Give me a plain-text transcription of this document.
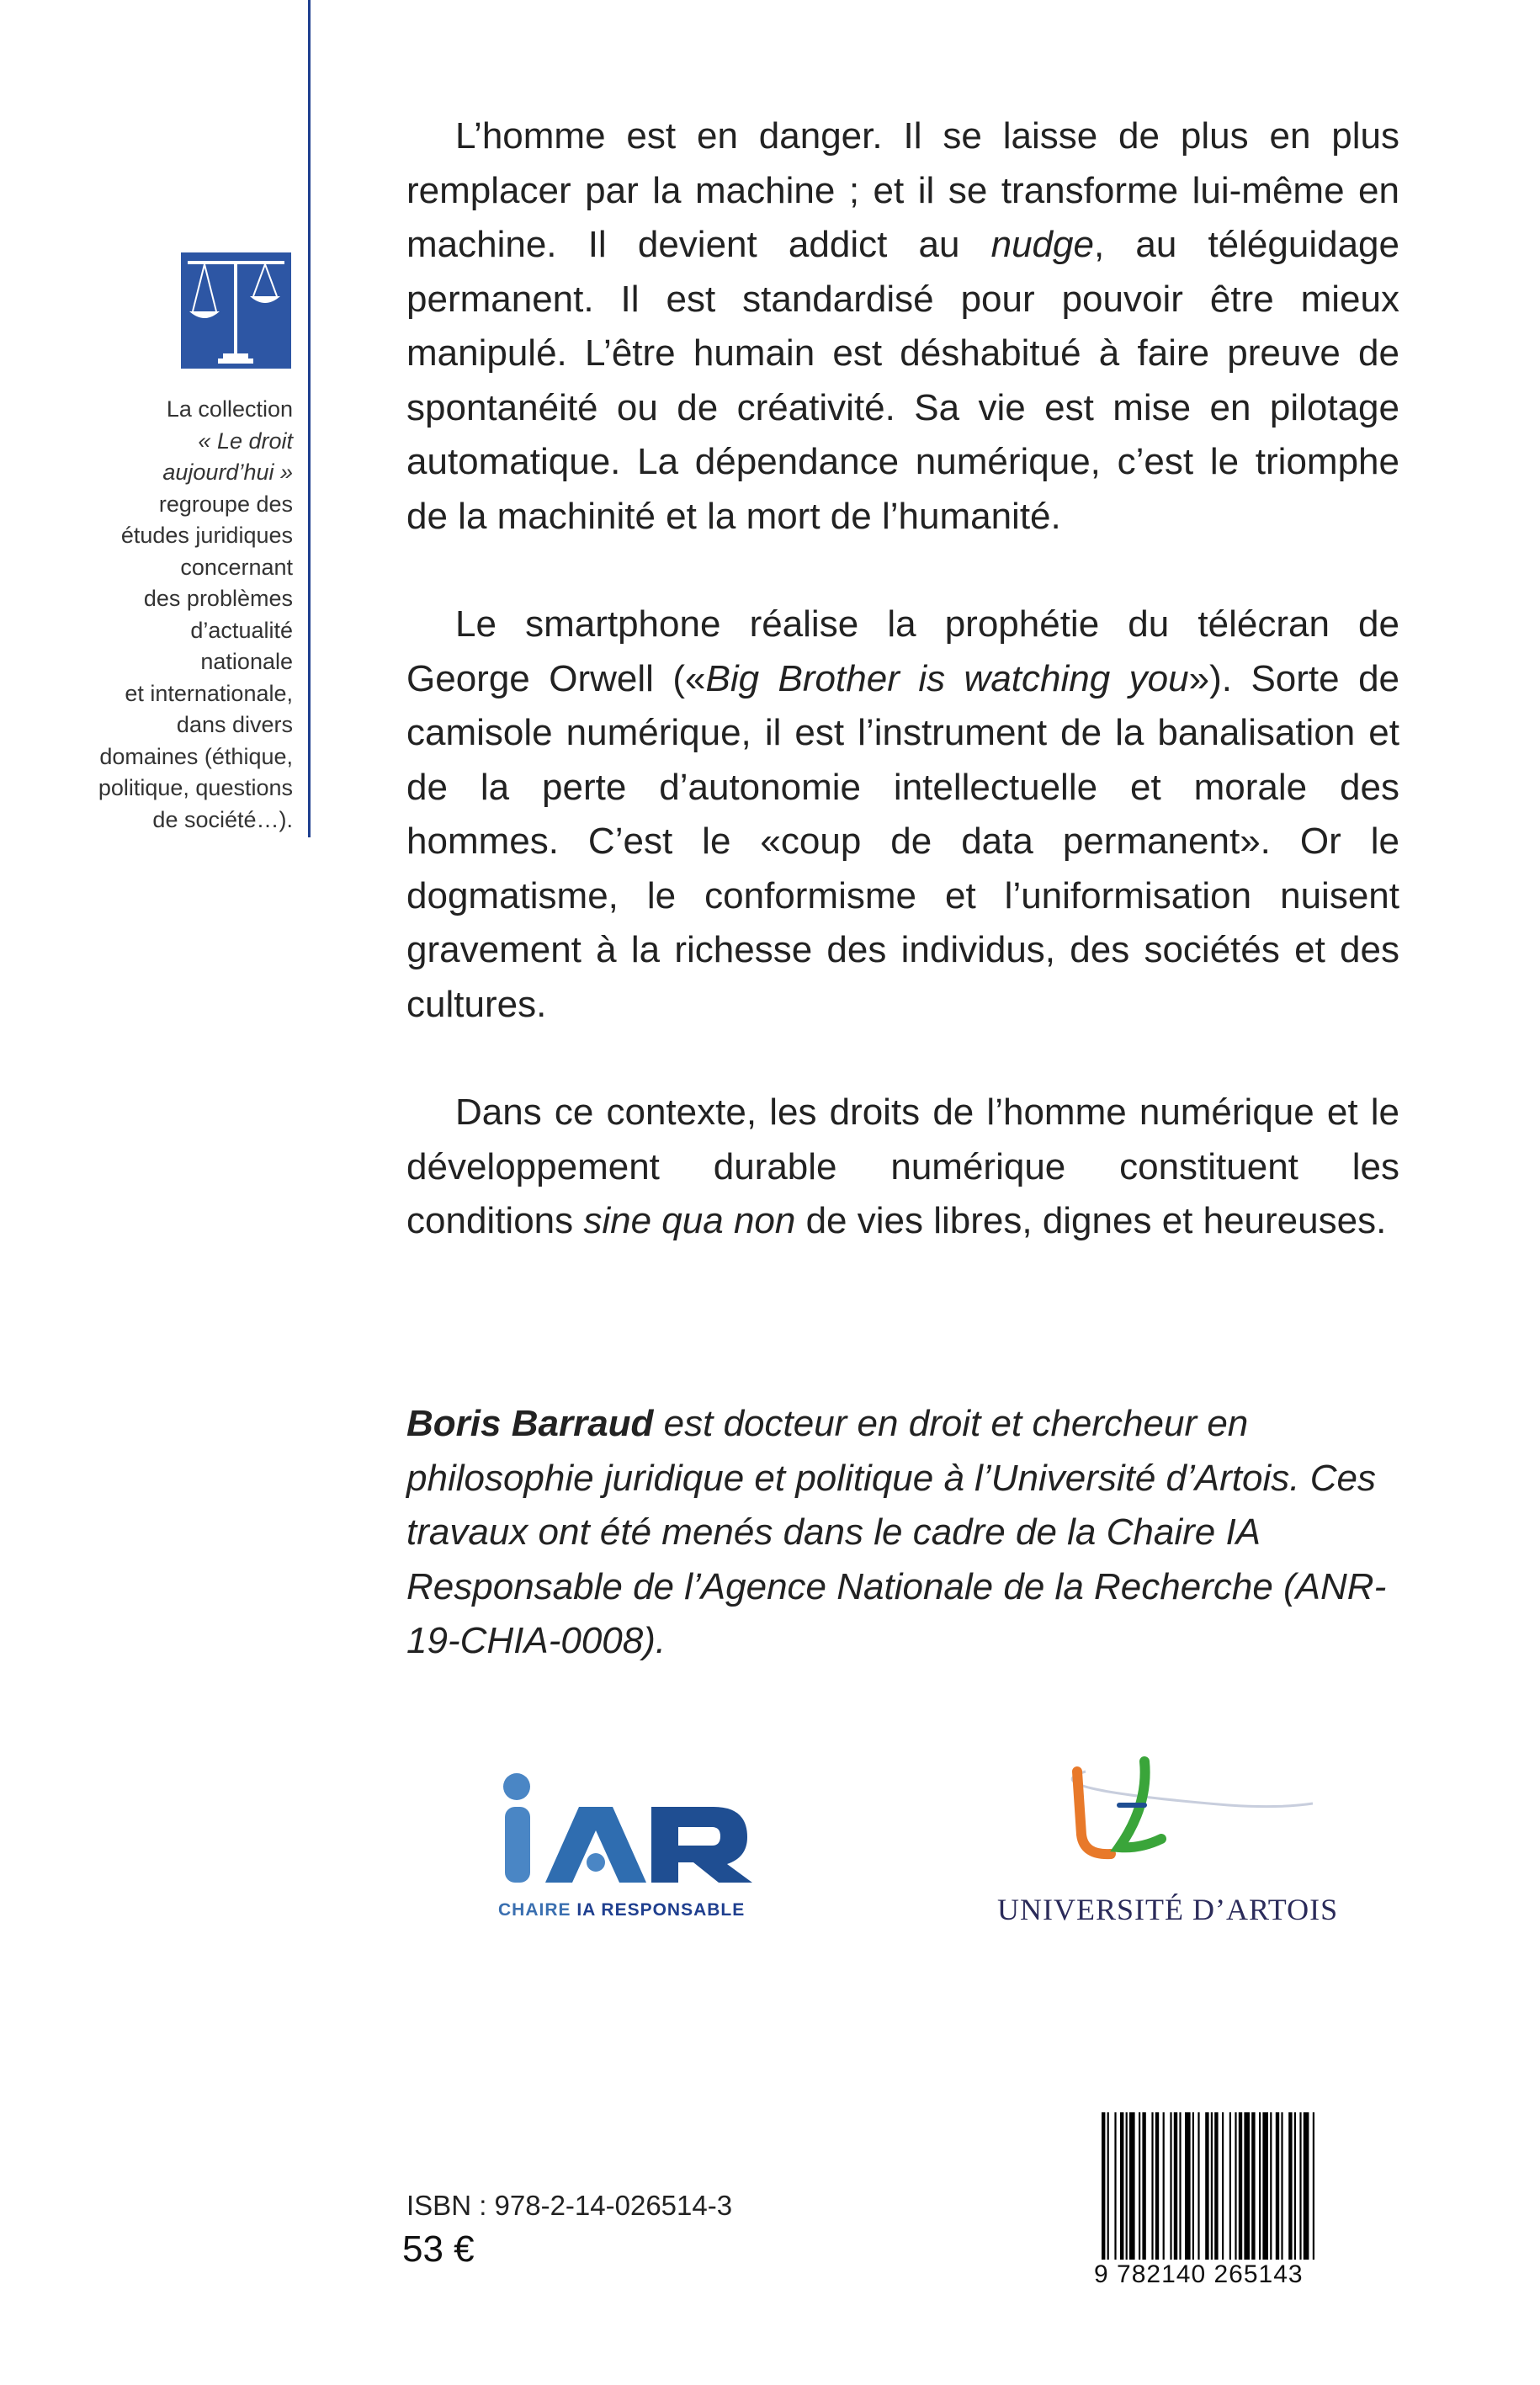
La collection
« Le droit
aujourd’hui »
regroupe des
études juridiques
concernant
des problèmes
d’actualité
nationale
et internationale,
dans divers
domaines (éthique,
politique, questions
de société…).

L’homme est en danger. Il se laisse de plus en plus remplacer par la machine ; et il se transforme lui-même en machine. Il devient addict au nudge, au téléguidage permanent. Il est standardisé pour pouvoir être mieux manipulé. L’être humain est déshabitué à faire preuve de spontanéité ou de créativité. Sa vie est mise en pilotage automatique. La dépendance numérique, c’est le triomphe de la machinité et la mort de l’humanité.

Le smartphone réalise la prophétie du télécran de George Orwell («Big Brother is watching you»). Sorte de camisole numérique, il est l’instrument de la banalisation et de la perte d’autonomie intellectuelle et morale des hommes. C’est le «coup de data permanent». Or le dogmatisme, le conformisme et l’uniformisation nuisent gravement à la richesse des individus, des sociétés et des cultures.

Dans ce contexte, les droits de l’homme numérique et le développement durable numérique constituent les conditions sine qua non de vies libres, dignes et heureuses.

Boris Barraud est docteur en droit et chercheur en philosophie juridique et politique à l’Université d’Artois. Ces travaux ont été menés dans le cadre de la Chaire IA Responsable de l’Agence Nationale de la Recherche (ANR-19-CHIA-0008).
CHAIRE IA RESPONSABLE	UNIVERSITÉ D’ARTOIS
ISBN : 978-2-14-026514-3
53 €
9 782140 265143
